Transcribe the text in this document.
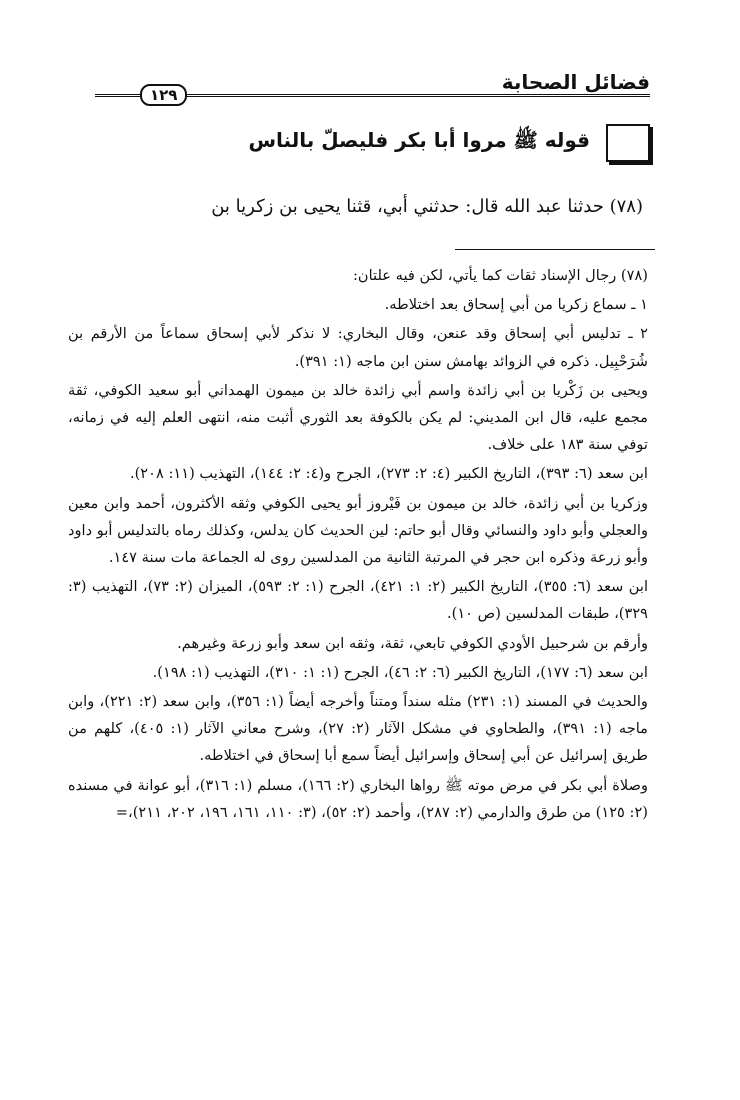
فضائل الصحابة
١٢٩
قوله ﷺ مروا أبا بكر فليصلّ بالناس
(٧٨) حدثنا عبد الله قال: حدثني أبي، قثنا يحيى بن زكريا بن

(٧٨) رجال الإسناد ثقات كما يأتي، لكن فيه علتان:

١ ـ سماع زكريا من أبي إسحاق بعد اختلاطه.

٢ ـ تدليس أبي إسحاق وقد عنعن، وقال البخاري: لا نذكر لأبي إسحاق سماعاً من الأرقم بن شُرَحْبِيل. ذكره في الزوائد بهامش سنن ابن ماجه (١: ٣٩١).

ويحيى بن زَكْريا بن أبي زائدة واسم أبي زائدة خالد بن ميمون الهمداني أبو سعيد الكوفي، ثقة مجمع عليه، قال ابن المديني: لم يكن بالكوفة بعد الثوري أثبت منه، انتهى العلم إليه في زمانه، توفي سنة ١٨٣ على خلاف.

ابن سعد (٦: ٣٩٣)، التاريخ الكبير (٤: ٢: ٢٧٣)، الجرح و(٤: ٢: ١٤٤)، التهذيب (١١: ٢٠٨).

وزكريا بن أبي زائدة، خالد بن ميمون بن فَيْروز أبو يحيى الكوفي وثقه الأكثرون، أحمد وابن معين والعجلي وأبو داود والنسائي وقال أبو حاتم: لين الحديث كان يدلس، وكذلك رماه بالتدليس أبو داود وأبو زرعة وذكره ابن حجر في المرتبة الثانية من المدلسين روى له الجماعة مات سنة ١٤٧.

ابن سعد (٦: ٣٥٥)، التاريخ الكبير (٢: ١: ٤٢١)، الجرح (١: ٢: ٥٩٣)، الميزان (٢: ٧٣)، التهذيب (٣: ٣٢٩)، طبقات المدلسين (ص ١٠).

وأرقم بن شرحبيل الأودي الكوفي تابعي، ثقة، وثقه ابن سعد وأبو زرعة وغيرهم.

ابن سعد (٦: ١٧٧)، التاريخ الكبير (٦: ٢: ٤٦)، الجرح (١: ١: ٣١٠)، التهذيب (١: ١٩٨).

والحديث في المسند (١: ٢٣١) مثله سنداً ومتناً وأخرجه أيضاً (١: ٣٥٦)، وابن سعد (٢: ٢٢١)، وابن ماجه (١: ٣٩١)، والطحاوي في مشكل الآثار (٢: ٢٧)، وشرح معاني الآثار (١: ٤٠٥)، كلهم من طريق إسرائيل عن أبي إسحاق وإسرائيل أيضاً سمع أبا إسحاق في اختلاطه.

وصلاة أبي بكر في مرض موته ﷺ رواها البخاري (٢: ١٦٦)، مسلم (١: ٣١٦)، أبو عوانة في مسنده (٢: ١٢٥) من طرق والدارمي (٢: ٢٨٧)، وأحمد (٢: ٥٢)، (٣: ١١٠، ١٦١، ١٩٦، ٢٠٢، ٢١١)،=
